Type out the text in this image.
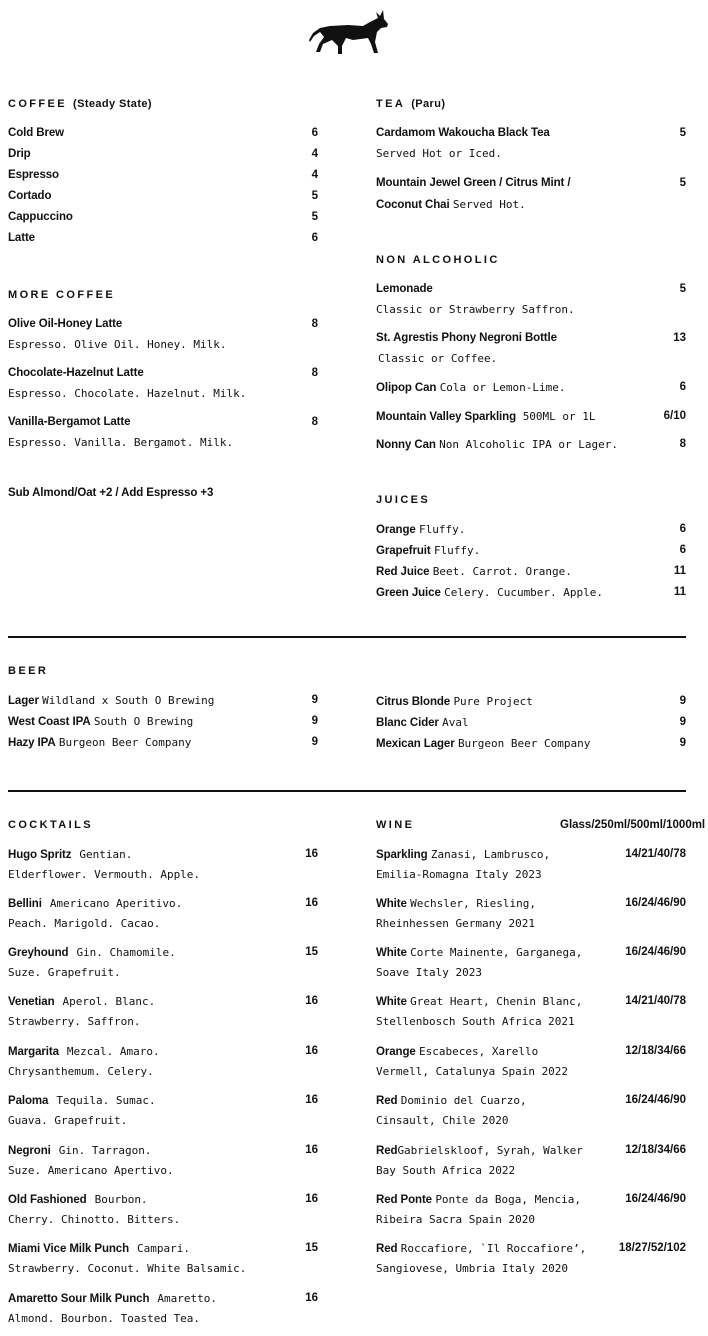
COFFEE (Steady State)
Cold Brew	6
Drip	4
Espresso	4
Cortado	5
Cappuccino	5
Latte	6
MORE COFFEE
Olive Oil-Honey Latte	8
Espresso. Olive Oil. Honey. Milk.
Chocolate-Hazelnut Latte	8
Espresso. Chocolate. Hazelnut. Milk.
Vanilla-Bergamot Latte	8
Espresso. Vanilla. Bergamot. Milk.
Sub Almond/Oat +2 / Add Espresso +3
TEA (Paru)
Cardamom Wakoucha Black Tea	5
Served Hot or Iced.
Mountain Jewel Green / Citrus Mint /	5
Coconut Chai Served Hot.
NON ALCOHOLIC
Lemonade	5
Classic or Strawberry Saffron.
St. Agrestis Phony Negroni Bottle	13
Classic or Coffee.
Olipop Can Cola or Lemon-Lime.	6
Mountain Valley Sparkling 500ML or 1L	6/10
Nonny Can Non Alcoholic IPA or Lager.	8
JUICES
Orange Fluffy.	6
Grapefruit Fluffy.	6
Red Juice Beet. Carrot. Orange.	11
Green Juice Celery. Cucumber. Apple.	11
BEER
Lager Wildland x South O Brewing	9
West Coast IPA South O Brewing	9
Hazy IPA Burgeon Beer Company	9
Citrus Blonde Pure Project	9
Blanc Cider Aval	9
Mexican Lager Burgeon Beer Company	9
COCKTAILS
Hugo Spritz Gentian.	16
Elderflower. Vermouth. Apple.
Bellini Americano Aperitivo.	16
Peach. Marigold. Cacao.
Greyhound Gin. Chamomile.	15
Suze. Grapefruit.
Venetian Aperol. Blanc.	16
Strawberry. Saffron.
Margarita Mezcal. Amaro.	16
Chrysanthemum. Celery.
Paloma Tequila. Sumac.	16
Guava. Grapefruit.
Negroni Gin. Tarragon.	16
Suze. Americano Apertivo.
Old Fashioned Bourbon.	16
Cherry. Chinotto. Bitters.
Miami Vice Milk Punch Campari.	15
Strawberry. Coconut. White Balsamic.
Amaretto Sour Milk Punch Amaretto.	16
Almond. Bourbon. Toasted Tea.
WINE	Glass/250ml/500ml/1000ml
Sparkling Zanasi, Lambrusco,	14/21/40/78
Emilia-Romagna Italy 2023
White Wechsler, Riesling,	16/24/46/90
Rheinhessen Germany 2021
White Corte Mainente, Garganega,	16/24/46/90
Soave Italy 2023
White Great Heart, Chenin Blanc,	14/21/40/78
Stellenbosch South Africa 2021
Orange Escabeces, Xarello	12/18/34/66
Vermell, Catalunya Spain 2022
Red Dominio del Cuarzo,	16/24/46/90
Cinsault, Chile 2020
RedGabrielskloof, Syrah, Walker	12/18/34/66
Bay South Africa 2022
Red Ponte Ponte da Boga, Mencia,	16/24/46/90
Ribeira Sacra Spain 2020
Red Roccafiore, `Il Roccafiore’,	18/27/52/102
Sangiovese, Umbria Italy 2020
